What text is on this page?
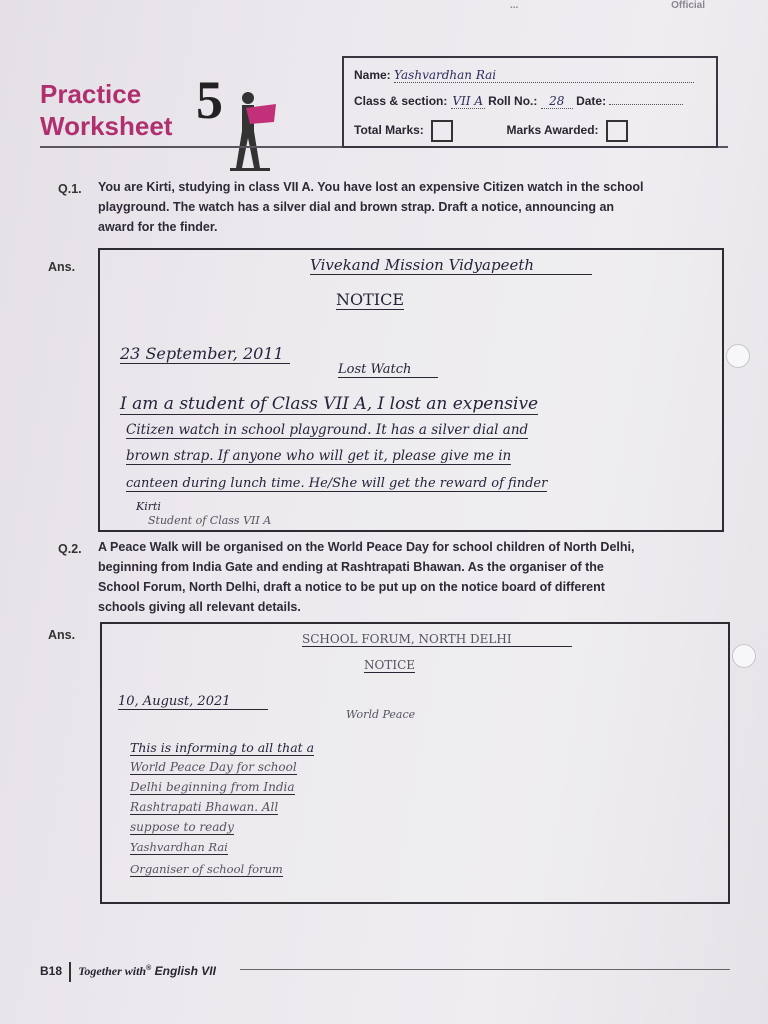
...	Official
Practice
Worksheet 5	Name: Yashvardhan Rai
Class & section: VII A Roll No.: 28 Date:
Total Marks:	Marks Awarded:
Q.1. You are Kirti, studying in class VII A. You have lost an expensive Citizen watch in the school
playground. The watch has a silver dial and brown strap. Draft a notice, announcing an
award for the finder.
Ans.	Vivekand Mission Vidyapeeth
NOTICE
23 September, 2011
Lost Watch
I am a student of Class VII A, I lost an expensive
Citizen watch in school playground. It has a silver dial and
brown strap. If anyone who will get it, please give me in
canteen during lunch time. He/She will get the reward of finder
Kirti
Student of Class VII A
Q.2. A Peace Walk will be organised on the World Peace Day for school children of North Delhi,
beginning from India Gate and ending at Rashtrapati Bhawan. As the organiser of the
School Forum, North Delhi, draft a notice to be put up on the notice board of different
schools giving all relevant details.
Ans.	SCHOOL FORUM, NORTH DELHI
NOTICE
10, August, 2021
World Peace
This is informing to all that a
World Peace Day for school
Delhi beginning from India
Rashtrapati Bhawan. All
suppose to ready
Yashvardhan Rai
Organiser of school forum
B18 Together with® English VII
